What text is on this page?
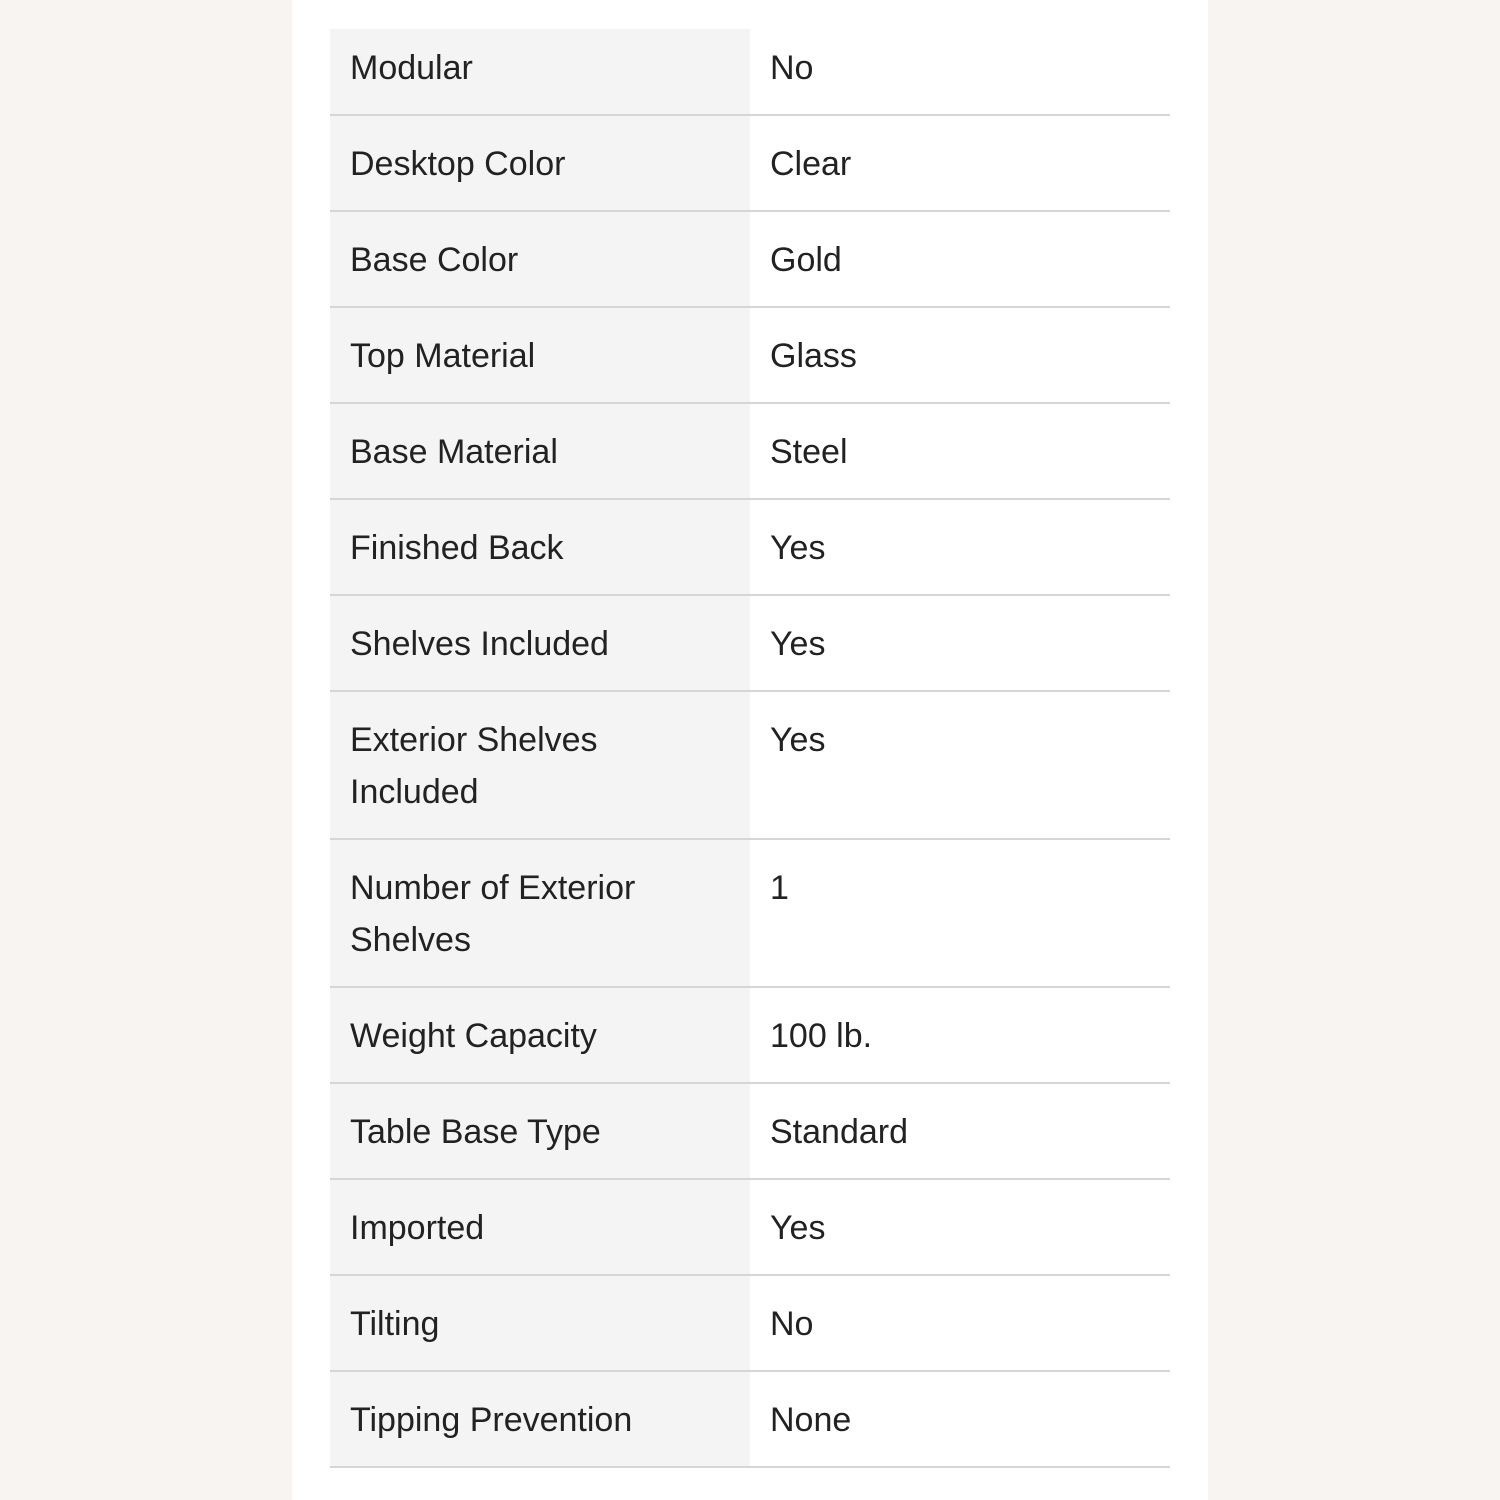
Modular	No
Desktop Color	Clear
Base Color	Gold
Top Material	Glass
Base Material	Steel
Finished Back	Yes
Shelves Included	Yes
Exterior Shelves Included	Yes
Number of Exterior Shelves	1
Weight Capacity	100 lb.
Table Base Type	Standard
Imported	Yes
Tilting	No
Tipping Prevention	None
